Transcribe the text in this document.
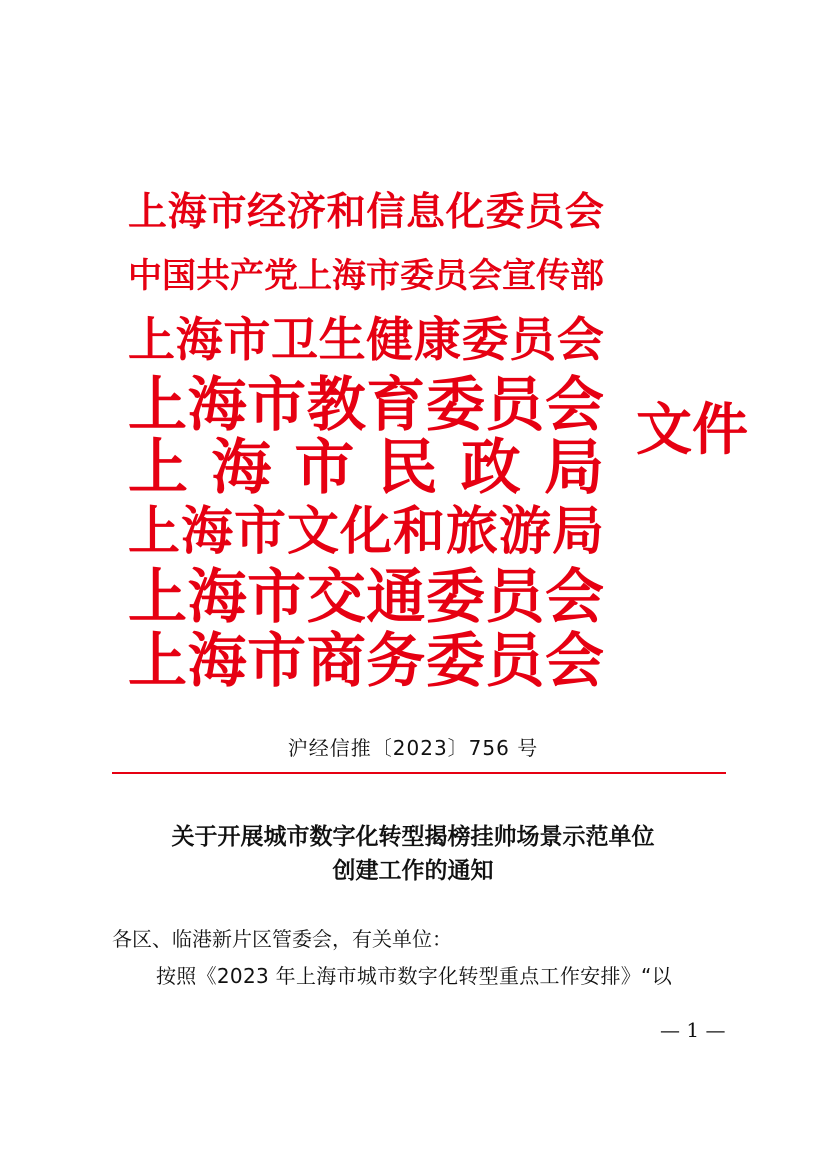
上 海 市 经 济 和 信 息 化 委 员 会
中 国 共 产 党 上 海 市 委 员 会 宣 传 部
上 海 市 卫 生 健 康 委 员 会
上 海 市 教 育 委 员 会
上 海 市 民 政 局
上 海 市 文 化 和 旅 游 局
上 海 市 交 通 委 员 会
上 海 市 商 务 委 员 会
文件
沪经信推〔2023〕756 号
关于开展城市数字化转型揭榜挂帅场景示范单位
创建工作的通知
各区、临港新片区管委会，有关单位：
按照《2023 年上海市城市数字化转型重点工作安排》“以
— 1 —
